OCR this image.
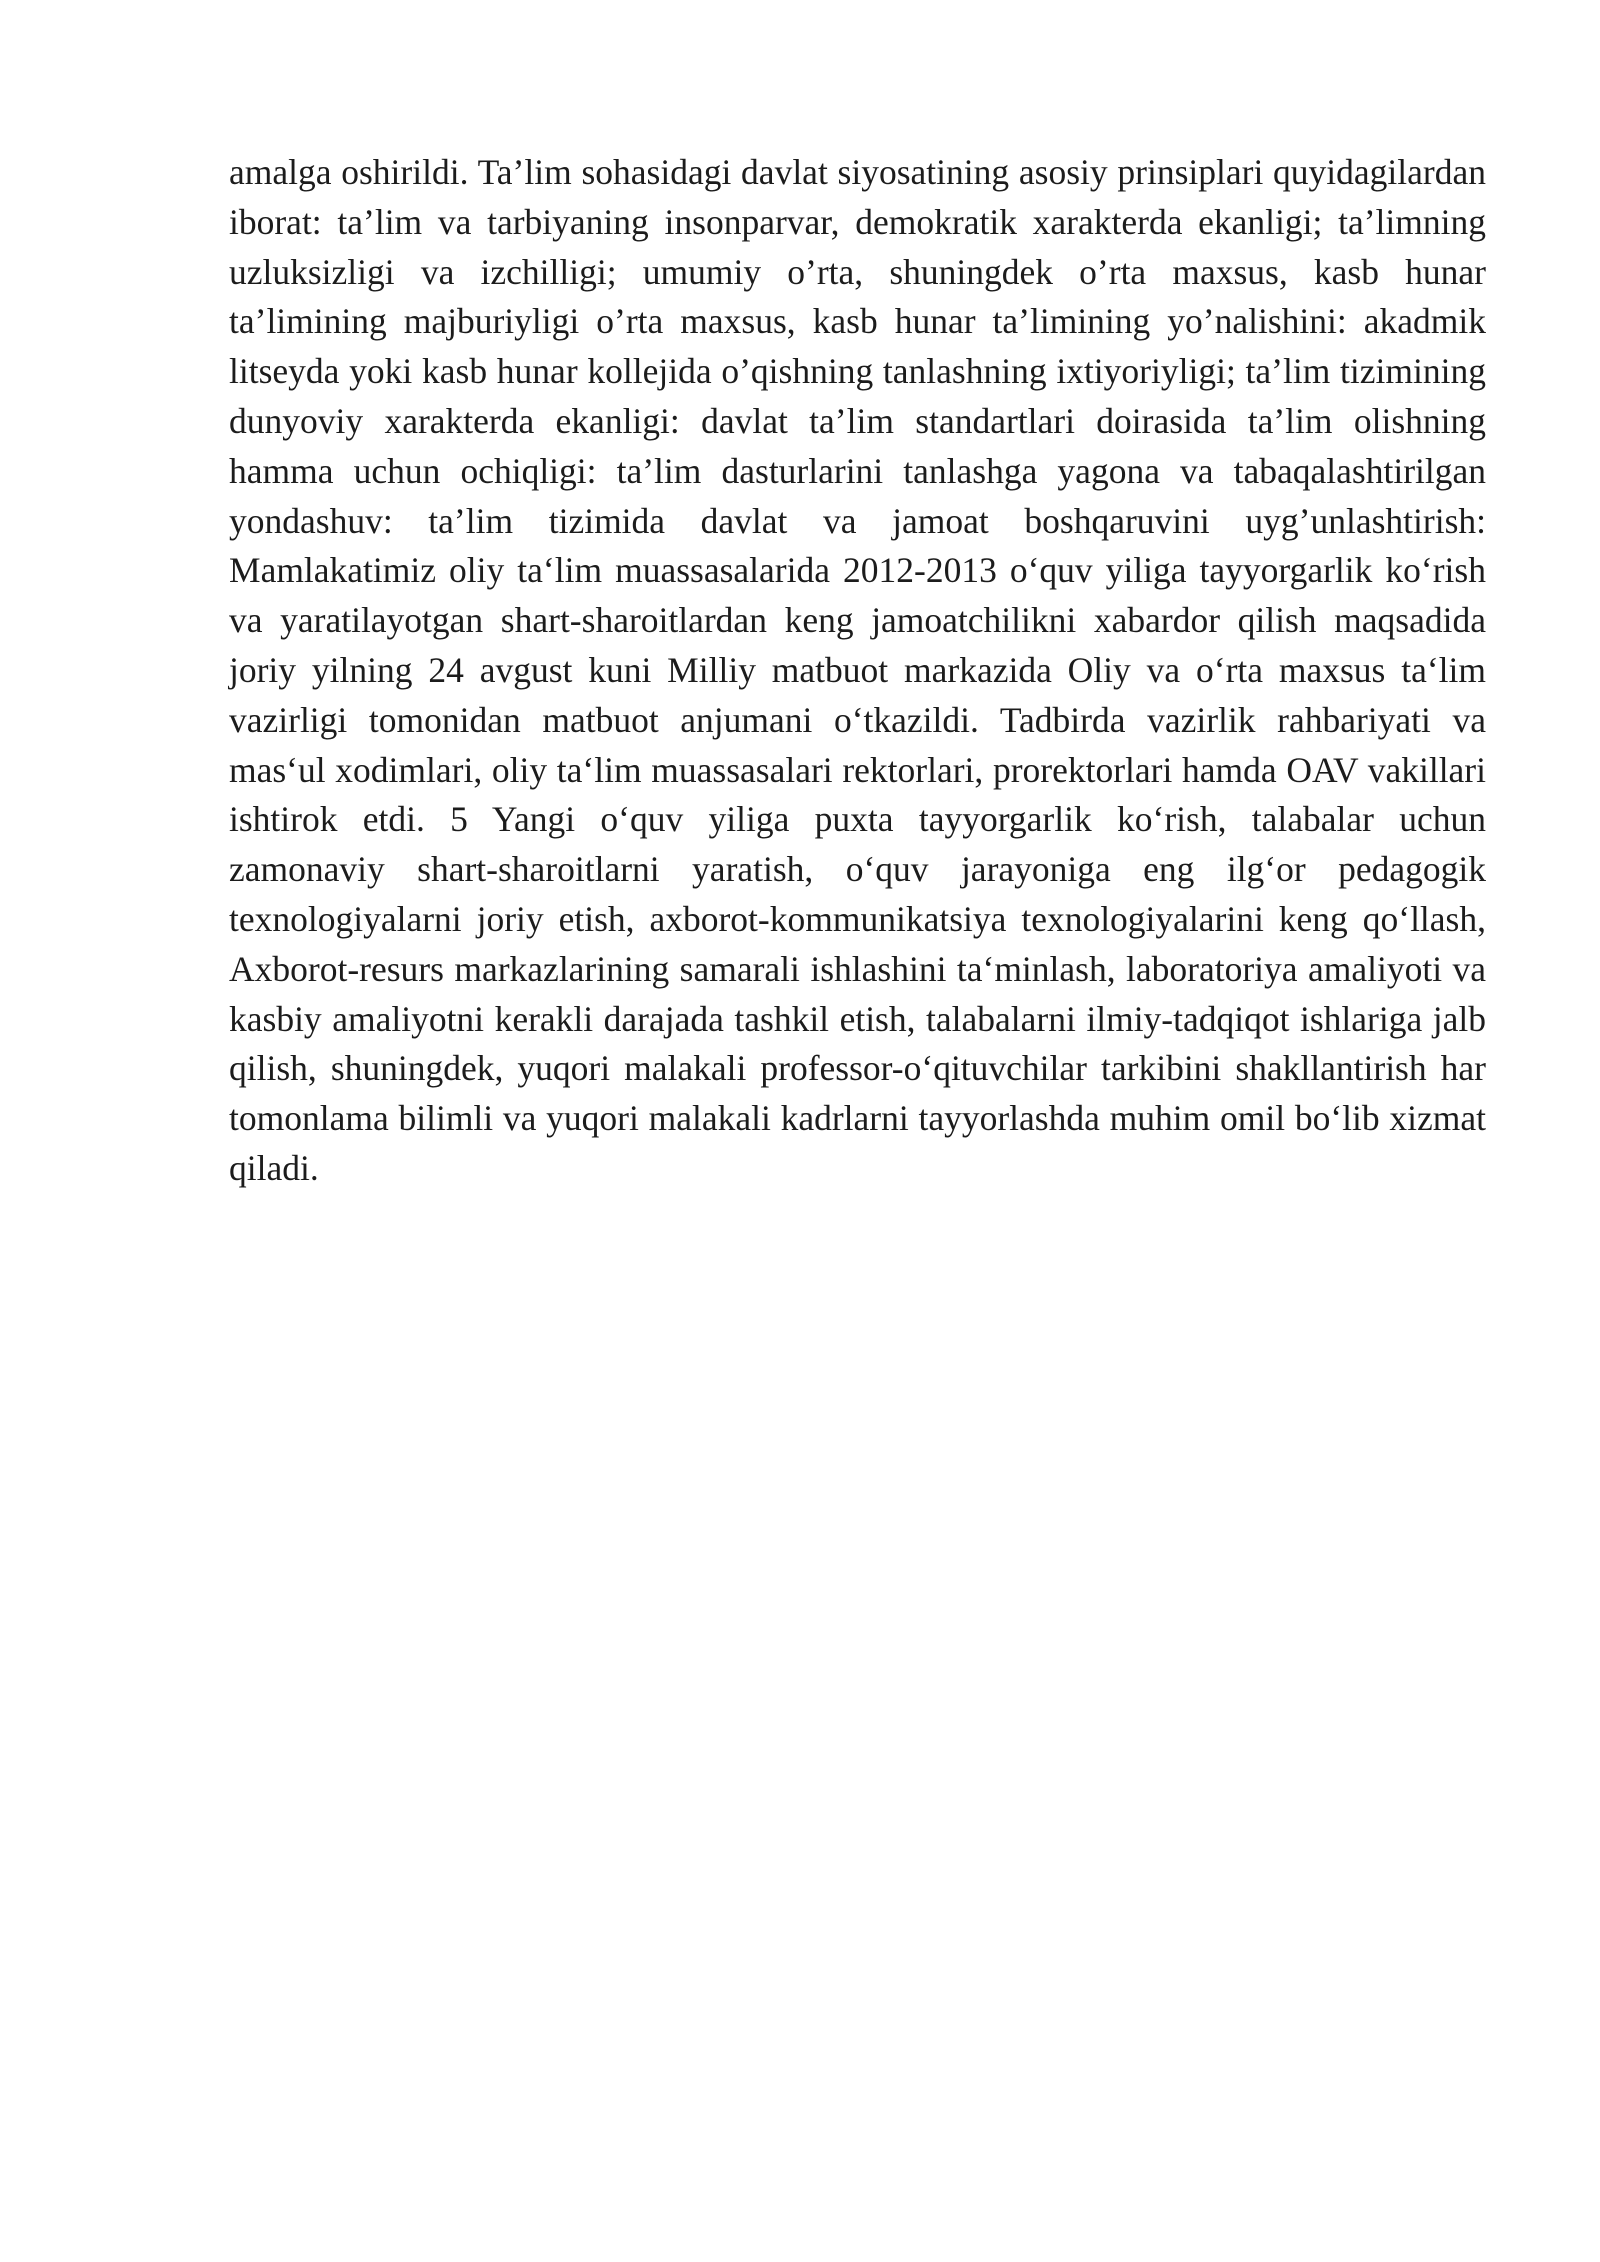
amalga oshirildi. Ta’lim sohasidagi davlat siyosatining asosiy prinsiplari quyidagilardan iborat: ta’lim va tarbiyaning insonparvar, demokratik xarakterda ekanligi; ta’limning uzluksizligi va izchilligi; umumiy o’rta, shuningdek o’rta maxsus, kasb hunar ta’limining majburiyligi o’rta maxsus, kasb hunar ta’limining yo’nalishini: akadmik litseyda yoki kasb hunar kollejida o’qishning tanlashning ixtiyoriyligi; ta’lim tizimining dunyoviy xarakterda ekanligi: davlat ta’lim standartlari doirasida ta’lim olishning hamma uchun ochiqligi: ta’lim dasturlarini tanlashga yagona va tabaqalashtirilgan yondashuv: ta’lim tizimida davlat va jamoat boshqaruvini uyg’unlashtirish: Mamlakatimiz oliy ta‘lim muassasalarida 2012-2013 o‘quv yiliga tayyorgarlik ko‘rish va yaratilayotgan shart-sharoitlardan keng jamoatchilikni xabardor qilish maqsadida joriy yilning 24 avgust kuni Milliy matbuot markazida Oliy va o‘rta maxsus ta‘lim vazirligi tomonidan matbuot anjumani o‘tkazildi. Tadbirda vazirlik rahbariyati va mas‘ul xodimlari, oliy ta‘lim muassasalari rektorlari, prorektorlari hamda OAV vakillari ishtirok etdi. 5 Yangi o‘quv yiliga puxta tayyorgarlik ko‘rish, talabalar uchun zamonaviy shart-sharoitlarni yaratish, o‘quv jarayoniga eng ilg‘or pedagogik texnologiyalarni joriy etish, axborot-kommunikatsiya texnologiyalarini keng qo‘llash, Axborot-resurs markazlarining samarali ishlashini ta‘minlash, laboratoriya amaliyoti va kasbiy amaliyotni kerakli darajada tashkil etish, talabalarni ilmiy-tadqiqot ishlariga jalb qilish, shuningdek, yuqori malakali professor-o‘qituvchilar tarkibini shakllantirish har tomonlama bilimli va yuqori malakali kadrlarni tayyorlashda muhim omil bo‘lib xizmat qiladi.
